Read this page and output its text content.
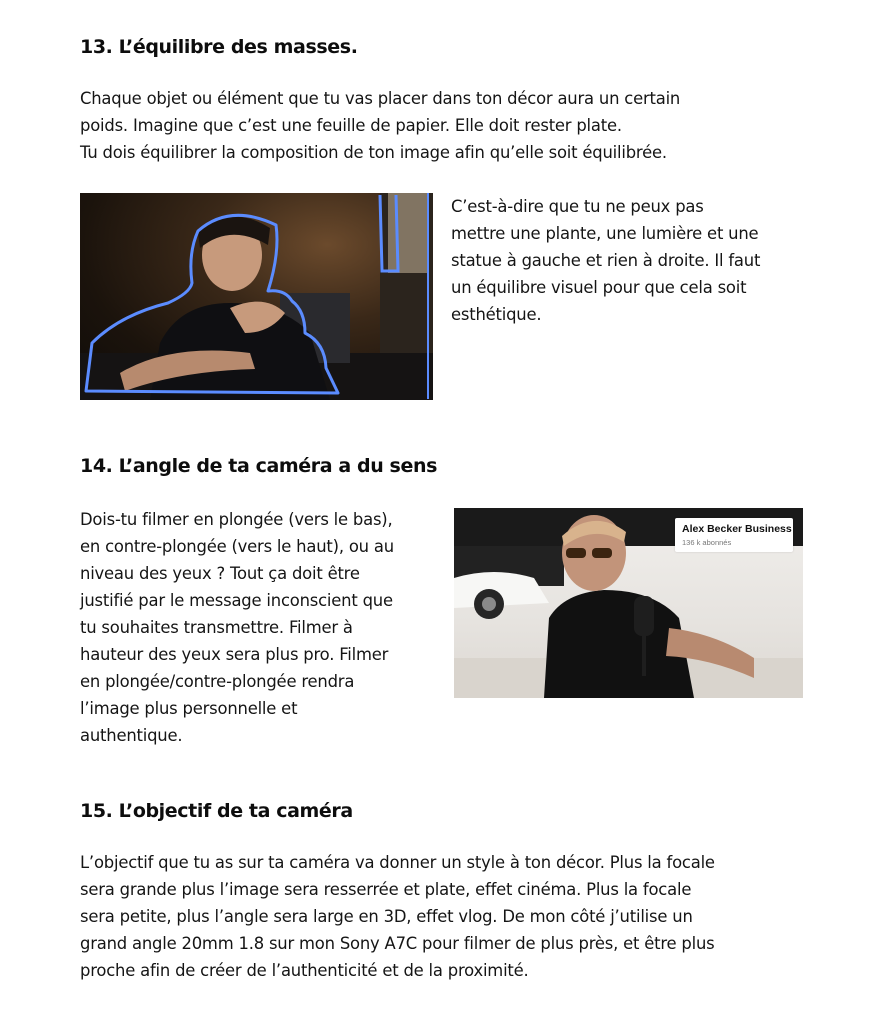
13. L’équilibre des masses.
Chaque objet ou élément que tu vas placer dans ton décor aura un certain
poids. Imagine que c’est une feuille de papier. Elle doit rester plate.
Tu dois équilibrer la composition de ton image afin qu’elle soit équilibrée.
C’est-à-dire que tu ne peux pas
mettre une plante, une lumière et une
statue à gauche et rien à droite. Il faut
un équilibre visuel pour que cela soit
esthétique.
14. L’angle de ta caméra a du sens
Dois-tu filmer en plongée (vers le bas),
en contre-plongée (vers le haut), ou au
niveau des yeux ? Tout ça doit être
justifié par le message inconscient que
tu souhaites transmettre. Filmer à
hauteur des yeux sera plus pro. Filmer
en plongée/contre-plongée rendra
l’image plus personnelle et
authentique.
Alex Becker Business
136 k abonnés
15. L’objectif de ta caméra
L’objectif que tu as sur ta caméra va donner un style à ton décor. Plus la focale
sera grande plus l’image sera resserrée et plate, effet cinéma. Plus la focale
sera petite, plus l’angle sera large en 3D, effet vlog. De mon côté j’utilise un
grand angle 20mm 1.8 sur mon Sony A7C pour filmer de plus près, et être plus
proche afin de créer de l’authenticité et de la proximité.
